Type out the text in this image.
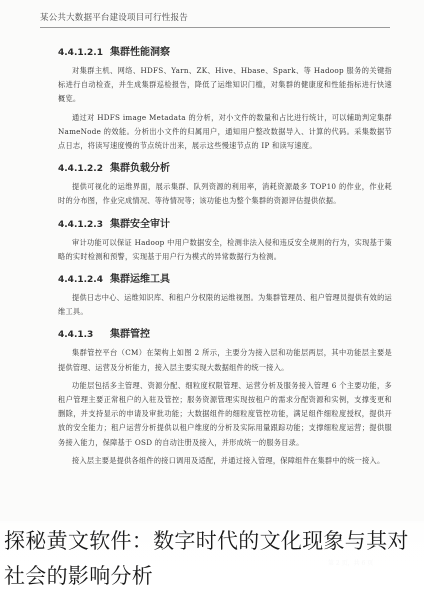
某公共大数据平台建设项目可行性报告
4.4.1.2.1 集群性能洞察

对集群主机、网络、HDFS、Yarn、ZK、Hive、Hbase、Spark、等 Hadoop 服务的关键指标进行自动检查，并生成集群巡检报告，降低了运维知识门槛，对集群的健康度和性能指标进行快速概览。

通过对 HDFS image Metadata 的分析，对小文件的数量和占比进行统计，可以辅助判定集群 NameNode 的效能。分析出小文件的归属用户，通知用户整改数据导入、计算的代码。采集数据节点日志，将读写速度慢的节点统计出来，展示这些慢速节点的 IP 和读写速度。

4.4.1.2.2 集群负载分析

提供可视化的运维界面，展示集群、队列资源的利用率，消耗资源最多 TOP10 的作业，作业耗时的分布图，作业完成情况、等待情况等；该功能也为整个集群的资源评估提供依据。

4.4.1.2.3 集群安全审计

审计功能可以保证 Hadoop 中用户数据安全，检测非法入侵和违反安全规则的行为，实现基于策略的实时检测和预警，实现基于用户行为模式的异常数据行为检测。

4.4.1.2.4 集群运维工具

提供日志中心、运维知识库、和租户分权限的运维视图。为集群管理员、租户管理员提供有效的运维工具。

4.4.1.3 集群管控

集群管控平台（CM）在架构上如图 2 所示，主要分为接入层和功能层两层，其中功能层主要是提供管理、运营及分析能力，接入层主要实现大数据组件的统一接入。

功能层包括多主管理、资源分配、细粒度权限管理、运营分析及服务接入管理 6 个主要功能，多租户管理主要正常租户的入驻及管控；服务资源管理实现按租户的需求分配资源和实例，支撑变更和删除，并支持显示的申请及审批功能；大数据组件的细粒度管控功能，满足组件细粒度授权，提供开放的安全能力；租户运营分析提供以租户维度的分析及实际用量跟踪功能；支撑细粒度运营；提供服务接入能力，保障基于 OSD 的自动注册及接入，并形成统一的服务目录。

接入层主要是提供各组件的接口调用及适配，并通过接入管理，保障组件在集群中的统一接入。

探秘黄文软件：数字时代的文化现象与其对社会的影响分析
